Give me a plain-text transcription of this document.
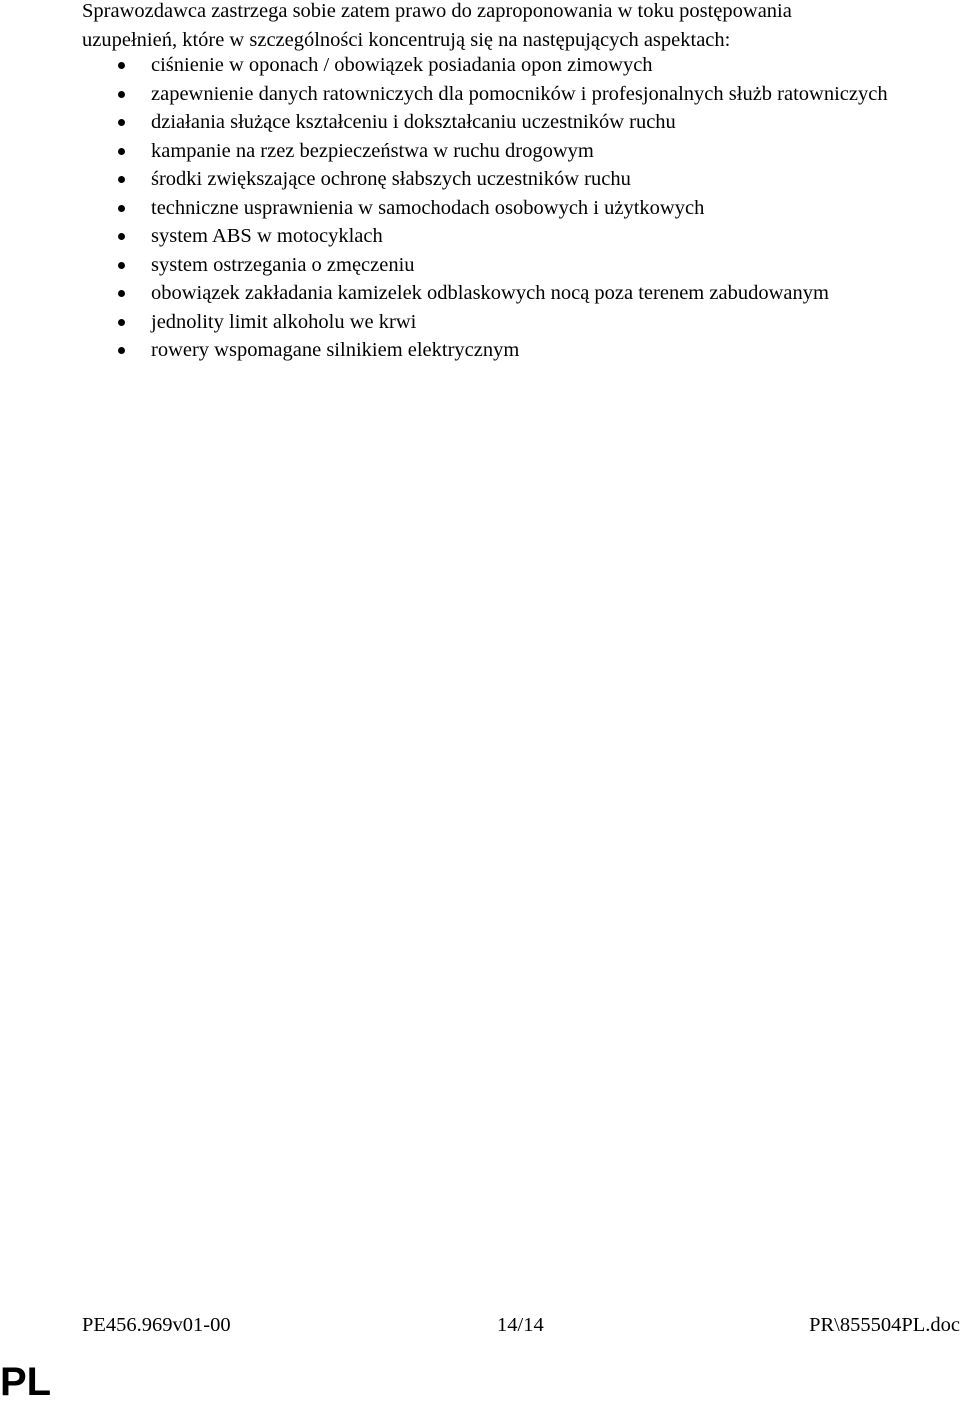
Sprawozdawca zastrzega sobie zatem prawo do zaproponowania w toku postępowania
uzupełnień, które w szczególności koncentrują się na następujących aspektach:

ciśnienie w oponach / obowiązek posiadania opon zimowych
zapewnienie danych ratowniczych dla pomocników i profesjonalnych służb ratowniczych
działania służące kształceniu i dokształcaniu uczestników ruchu
kampanie na rzez bezpieczeństwa w ruchu drogowym
środki zwiększające ochronę słabszych uczestników ruchu
techniczne usprawnienia w samochodach osobowych i użytkowych
system ABS w motocyklach
system ostrzegania o zmęczeniu
obowiązek zakładania kamizelek odblaskowych nocą poza terenem zabudowanym
jednolity limit alkoholu we krwi
rowery wspomagane silnikiem elektrycznym
PE456.969v01-00	14/14	PR\855504PL.doc
PL
